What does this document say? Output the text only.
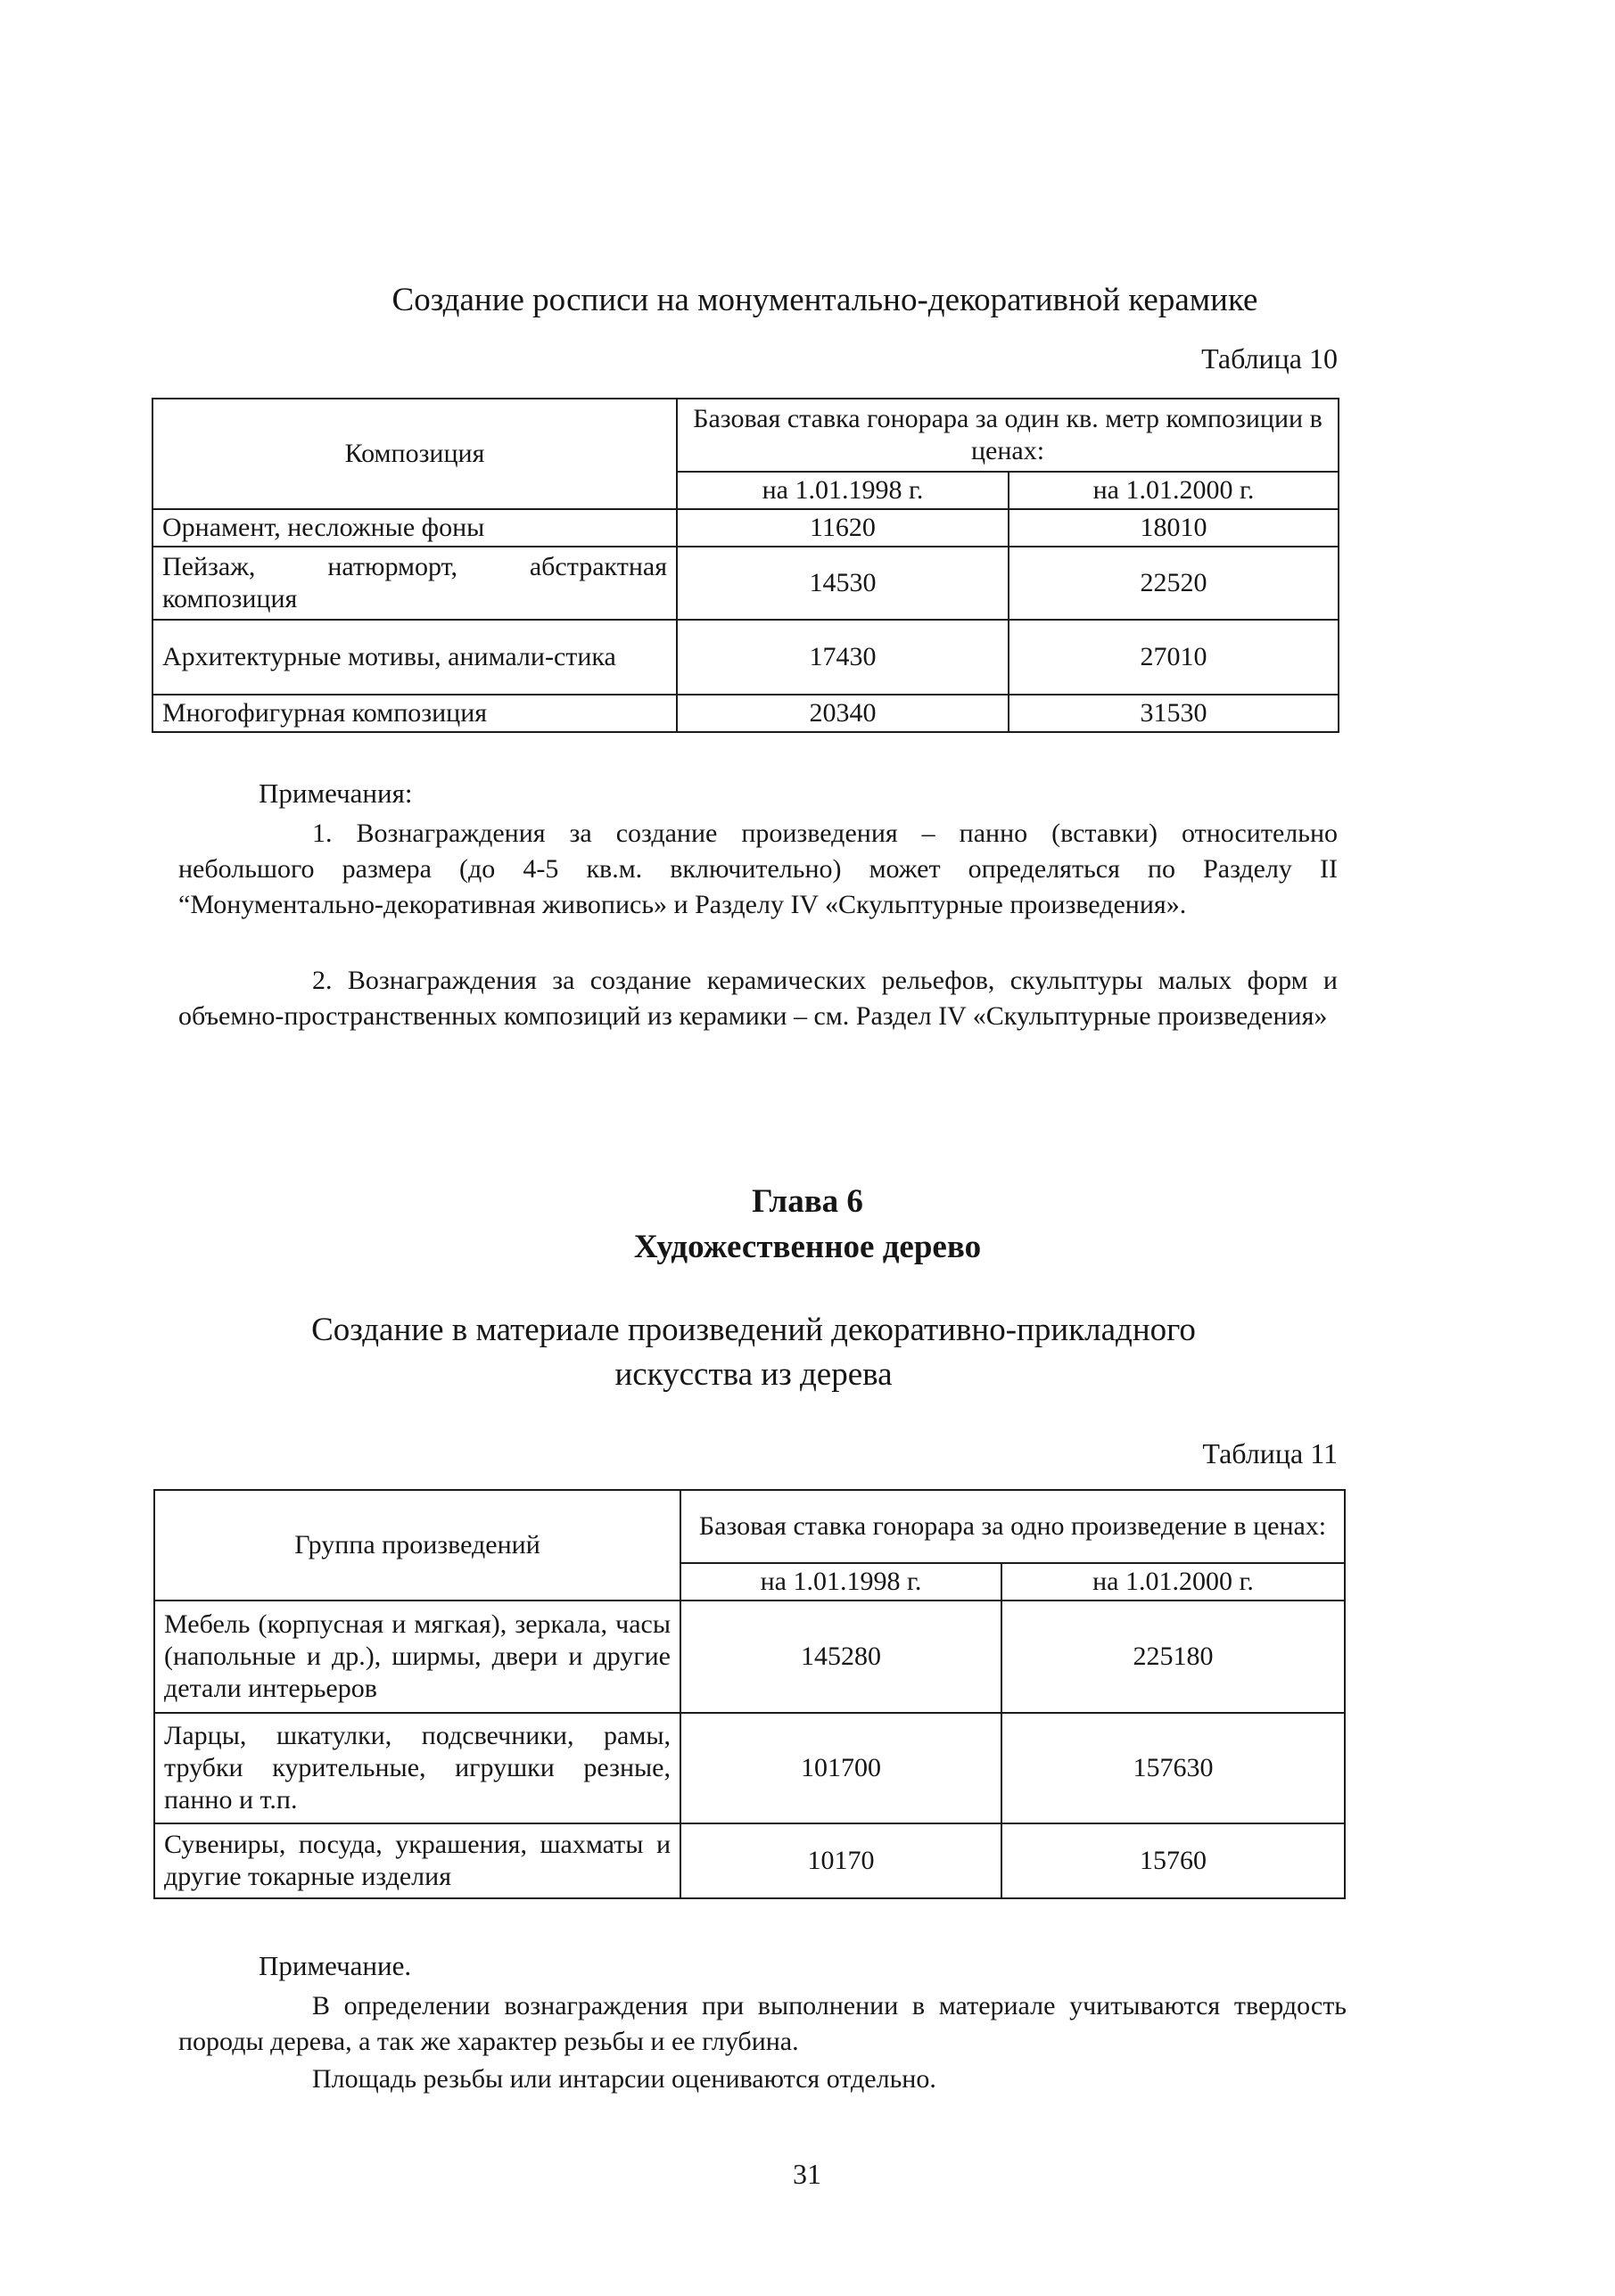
Создание росписи на монументально-декоративной керамике
Таблица 10
Композиция	Базовая ставка гонорара за один кв. метр композиции в ценах:	
	на 1.01.1998 г.	на 1.01.2000 г.
Орнамент, несложные фоны	11620	18010
Пейзаж, натюрморт, абстрактная композиция	14530	22520
Архитектурные мотивы, анимали-стика	17430	27010
Многофигурная композиция	20340	31530
Примечания:
1. Вознаграждения за создание произведения – панно (вставки) относительно небольшого размера (до 4-5 кв.м. включительно) может определяться по Разделу II “Монументально-декоративная живопись» и Разделу IV «Скульптурные произведения».
2. Вознаграждения за создание керамических рельефов, скульптуры малых форм и объемно-пространственных композиций из керамики – см. Раздел IV «Скульптурные произведения»
Глава 6
Художественное дерево
Создание в материале произведений декоративно-прикладного
искусства из дерева
Таблица 11
Группа произведений	Базовая ставка гонорара за одно произведение в ценах:	
	на 1.01.1998 г.	на 1.01.2000 г.
Мебель (корпусная и мягкая), зеркала, часы (напольные и др.), ширмы, двери и другие детали интерьеров	145280	225180
Ларцы, шкатулки, подсвечники, рамы, трубки курительные, игрушки резные, панно и т.п.	101700	157630
Сувениры, посуда, украшения, шахматы и другие токарные изделия	10170	15760
Примечание.
В определении вознаграждения при выполнении в материале учитываются твердость породы дерева, а так же характер резьбы и ее глубина.
Площадь резьбы или интарсии оцениваются отдельно.
31
